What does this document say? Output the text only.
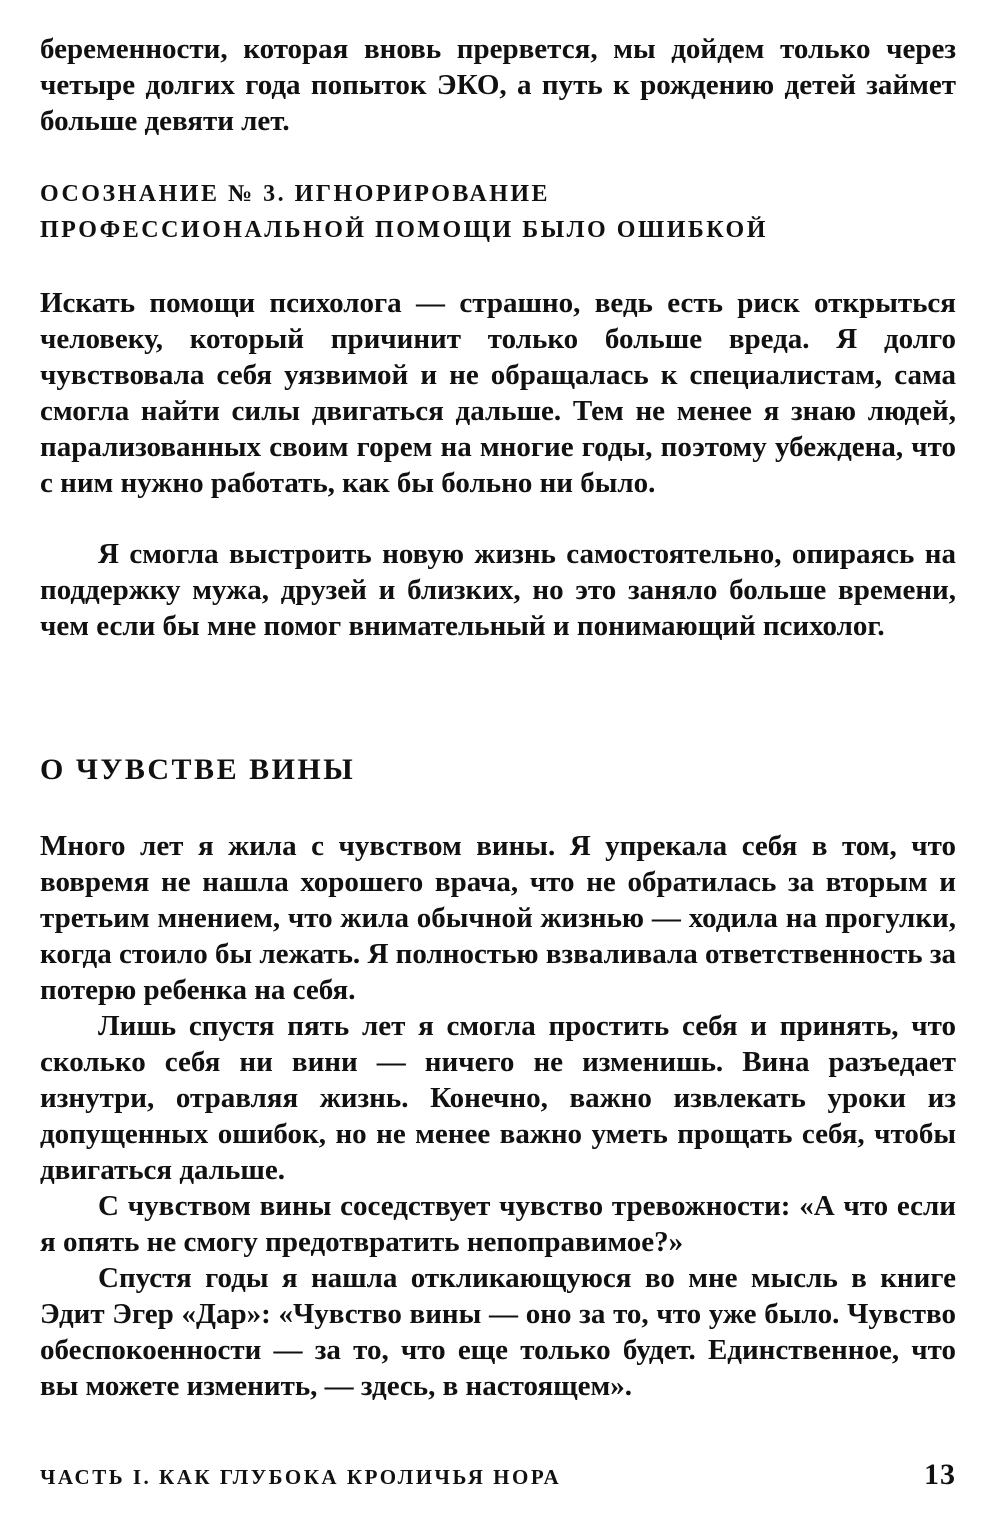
беременности, которая вновь прервется, мы дойдем только через четыре долгих года попыток ЭКО, а путь к рождению детей займет больше девяти лет.

ОСОЗНАНИЕ № 3. ИГНОРИРОВАНИЕ
ПРОФЕССИОНАЛЬНОЙ ПОМОЩИ БЫЛО ОШИБКОЙ

Искать помощи психолога — страшно, ведь есть риск открыться человеку, который причинит только больше вреда. Я долго чувствовала себя уязвимой и не обращалась к специалистам, сама смогла найти силы двигаться дальше. Тем не менее я знаю людей, парализованных своим горем на многие годы, поэтому убеждена, что с ним нужно работать, как бы больно ни было.

Я смогла выстроить новую жизнь самостоятельно, опираясь на поддержку мужа, друзей и близких, но это заняло больше времени, чем если бы мне помог внимательный и понимающий психолог.

О ЧУВСТВЕ ВИНЫ

Много лет я жила с чувством вины. Я упрекала себя в том, что вовремя не нашла хорошего врача, что не обратилась за вторым и третьим мнением, что жила обычной жизнью — ходила на прогулки, когда стоило бы лежать. Я полностью взваливала ответственность за потерю ребенка на себя.

Лишь спустя пять лет я смогла простить себя и принять, что сколько себя ни вини — ничего не изменишь. Вина разъедает изнутри, отравляя жизнь. Конечно, важно извлекать уроки из допущенных ошибок, но не менее важно уметь прощать себя, чтобы двигаться дальше.

С чувством вины соседствует чувство тревожности: «А что если я опять не смогу предотвратить непоправимое?»

Спустя годы я нашла откликающуюся во мне мысль в книге Эдит Эгер «Дар»: «Чувство вины — оно за то, что уже было. Чувство обеспокоенности — за то, что еще только будет. Единственное, что вы можете изменить, — здесь, в настоящем».

ЧАСТЬ I. КАК ГЛУБОКА КРОЛИЧЬЯ НОРА	13
